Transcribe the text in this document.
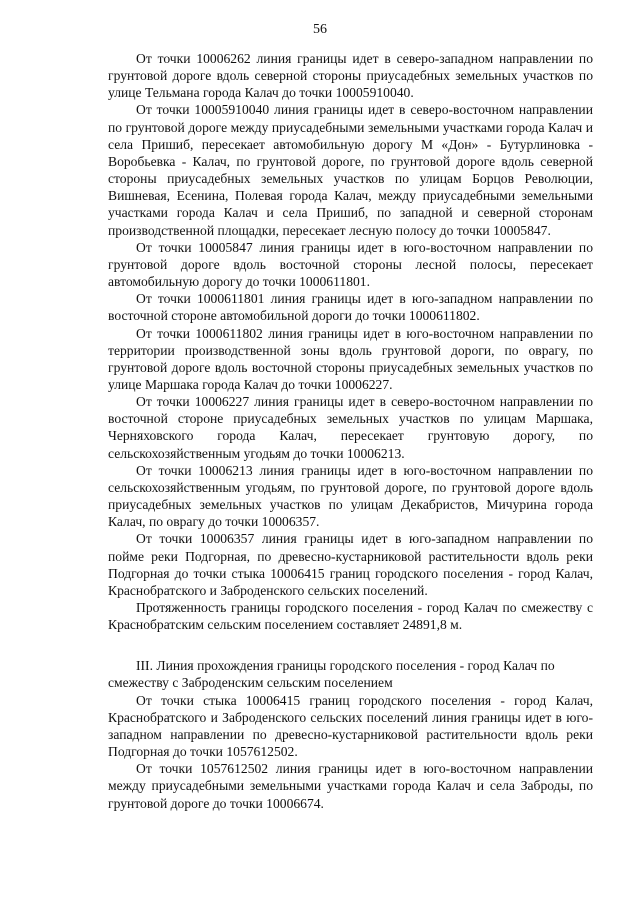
56

От точки 10006262 линия границы идет в северо-западном направлении по грунтовой дороге вдоль северной стороны приусадебных земельных участков по улице Тельмана города Калач до точки 10005910040.

От точки 10005910040 линия границы идет в северо-восточном направлении по грунтовой дороге между приусадебными земельными участками города Калач и села Пришиб, пересекает автомобильную дорогу М «Дон» - Бутурлиновка - Воробьевка - Калач, по грунтовой дороге, по грунтовой дороге вдоль северной стороны приусадебных земельных участков по улицам Борцов Революции, Вишневая, Есенина, Полевая города Калач, между приусадебными земельными участками города Калач и села Пришиб, по западной и северной сторонам производственной площадки, пересекает лесную полосу до точки 10005847.

От точки 10005847 линия границы идет в юго-восточном направлении по грунтовой дороге вдоль восточной стороны лесной полосы, пересекает автомобильную дорогу до точки 1000611801.

От точки 1000611801 линия границы идет в юго-западном направлении по восточной стороне автомобильной дороги до точки 1000611802.

От точки 1000611802 линия границы идет в юго-восточном направлении по территории производственной зоны вдоль грунтовой дороги, по оврагу, по грунтовой дороге вдоль восточной стороны приусадебных земельных участков по улице Маршака города Калач до точки 10006227.

От точки 10006227 линия границы идет в северо-восточном направлении по восточной стороне приусадебных земельных участков по улицам Маршака, Черняховского города Калач, пересекает грунтовую дорогу, по сельскохозяйственным угодьям до точки 10006213.

От точки 10006213 линия границы идет в юго-восточном направлении по сельскохозяйственным угодьям, по грунтовой дороге, по грунтовой дороге вдоль приусадебных земельных участков по улицам Декабристов, Мичурина города Калач, по оврагу до точки 10006357.

От точки 10006357 линия границы идет в юго-западном направлении по пойме реки Подгорная, по древесно-кустарниковой растительности вдоль реки Подгорная до точки стыка 10006415 границ городского поселения - город Калач, Краснобратского и Заброденского сельских поселений.

Протяженность границы городского поселения - город Калач по смежеству с Краснобратским сельским поселением составляет 24891,8 м.

III. Линия прохождения границы городского поселения - город Калач по смежеству с Заброденским сельским поселением

От точки стыка 10006415 границ городского поселения - город Калач, Краснобратского и Заброденского сельских поселений линия границы идет в юго-западном направлении по древесно-кустарниковой растительности вдоль реки Подгорная до точки 1057612502.

От точки 1057612502 линия границы идет в юго-восточном направлении между приусадебными земельными участками города Калач и села Заброды, по грунтовой дороге до точки 10006674.
